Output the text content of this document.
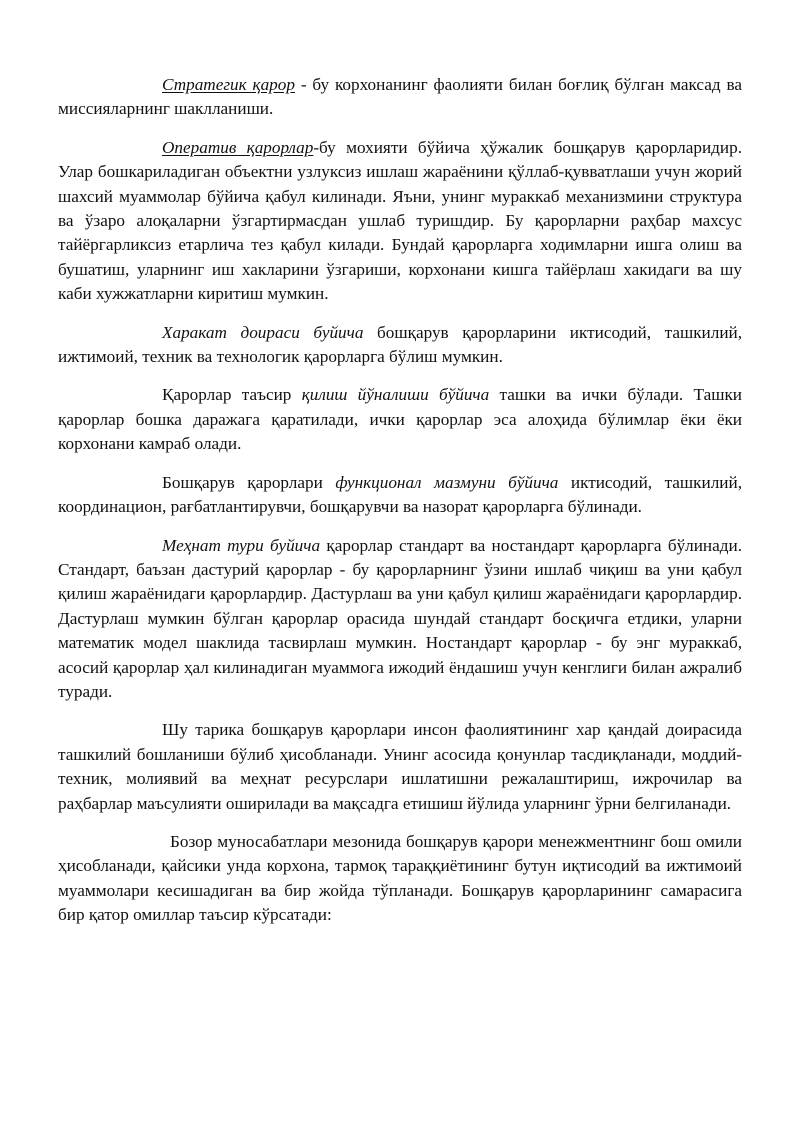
Стратегик қарор - бу корхонанинг фаолияти билан боғлиқ бўлган максад ва миссияларнинг шаклланиши.

Оператив қарорлар-бу мохияти бўйича ҳўжалик бошқарув қарорларидир. Улар бошкариладиган объектни узлуксиз ишлаш жараёнини қўллаб-қувватлаши учун жорий шахсий муаммолар бўйича қабул килинади. Яъни, унинг мураккаб механизмини структура ва ўзаро алоқаларни ўзгартирмасдан ушлаб туришдир. Бу қарорларни раҳбар махсус тайёргарликсиз етарлича тез қабул килади. Бундай қарорларга ходимларни ишга олиш ва бушатиш, уларнинг иш хакларини ўзгариши, корхонани кишга тайёрлаш хакидаги ва шу каби хужжатларни киритиш мумкин.

Харакат доираси буйича бошқарув қарорларини иктисодий, ташкилий, ижтимоий, техник ва технологик қарорларга бўлиш мумкин.

Қарорлар таъсир қилиш йўналиши бўйича ташки ва ички бўлади. Ташки қарорлар бошка даражага қаратилади, ички қарорлар эса алоҳида бўлимлар ёки ёки корхонани камраб олади.

Бошқарув қарорлари функционал мазмуни бўйича иктисодий, ташкилий, координацион, рағбатлантирувчи, бошқарувчи ва назорат қарорларга бўлинади.

Меҳнат тури буйича қарорлар стандарт ва ностандарт қарорларга бўлинади. Стандарт, баъзан дастурий қарорлар - бу қарорларнинг ўзини ишлаб чиқиш ва уни қабул қилиш жараёнидаги қарорлардир. Дастурлаш ва уни қабул қилиш жараёнидаги қарорлардир. Дастурлаш мумкин бўлган қарорлар орасида шундай стандарт босқичга етдики, уларни математик модел шаклида тасвирлаш мумкин. Ностандарт қарорлар - бу энг мураккаб, асосий қарорлар ҳал килинадиган муаммога ижодий ёндашиш учун кенглиги билан ажралиб туради.

Шу тарика бошқарув қарорлари инсон фаолиятининг хар қандай доирасида ташкилий бошланиши бўлиб ҳисобланади. Унинг асосида қонунлар тасдиқланади, моддий-техник, молиявий ва меҳнат ресурслари ишлатишни режалаштириш, ижрочилар ва раҳбарлар маъсулияти оширилади ва мақсадга етишиш йўлида уларнинг ўрни белгиланади.

Бозор муносабатлари мезонида бошқарув қарори менежментнинг бош омили ҳисобланади, қайсики унда корхона, тармоқ тараққиётининг бутун иқтисодий ва ижтимоий муаммолари кесишадиган ва бир жойда тўпланади. Бошқарув қарорларининг самарасига бир қатор омиллар таъсир кўрсатади:
